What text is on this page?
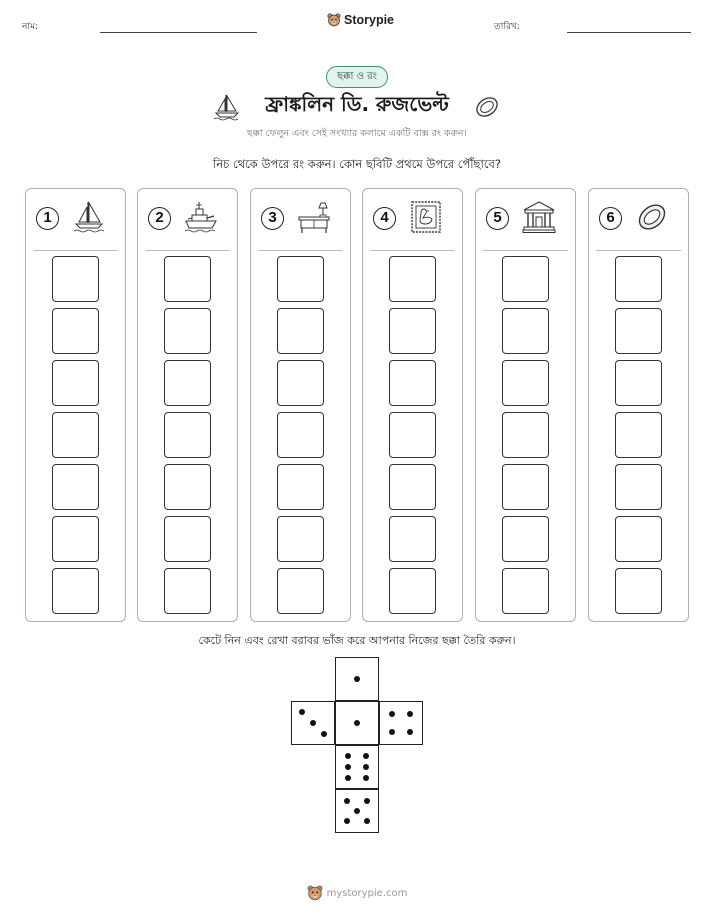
নাম:	Storypie	তারিখ:
ছক্কা ও রং
ফ্রাঙ্কলিন ডি. রুজভেল্ট
ছক্কা ফেলুন এবং সেই সংখ্যার কলামে একটি বাক্স রং করুন।
নিচ থেকে উপরে রং করুন। কোন ছবিটি প্রথমে উপরে পৌঁছাবে?
1	2	3	4	5	6
কেটে নিন এবং রেখা বরাবর ভাঁজ করে আপনার নিজের ছক্কা তৈরি করুন।
mystorypie.com
